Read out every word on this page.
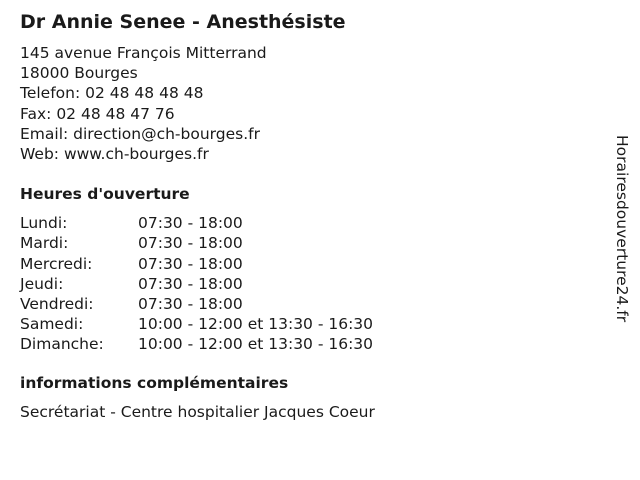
Dr Annie Senee - Anesthésiste
145 avenue François Mitterrand
18000 Bourges
Telefon: 02 48 48 48 48
Fax: 02 48 48 47 76
Email: direction@ch-bourges.fr
Web: www.ch-bourges.fr
Heures d'ouverture
Lundi:	07:30 - 18:00
Mardi:	07:30 - 18:00
Mercredi:	07:30 - 18:00
Jeudi:	07:30 - 18:00
Vendredi:	07:30 - 18:00
Samedi:	10:00 - 12:00 et 13:30 - 16:30
Dimanche:	10:00 - 12:00 et 13:30 - 16:30
informations complémentaires
Secrétariat - Centre hospitalier Jacques Coeur
Horairesdouverture24.fr
